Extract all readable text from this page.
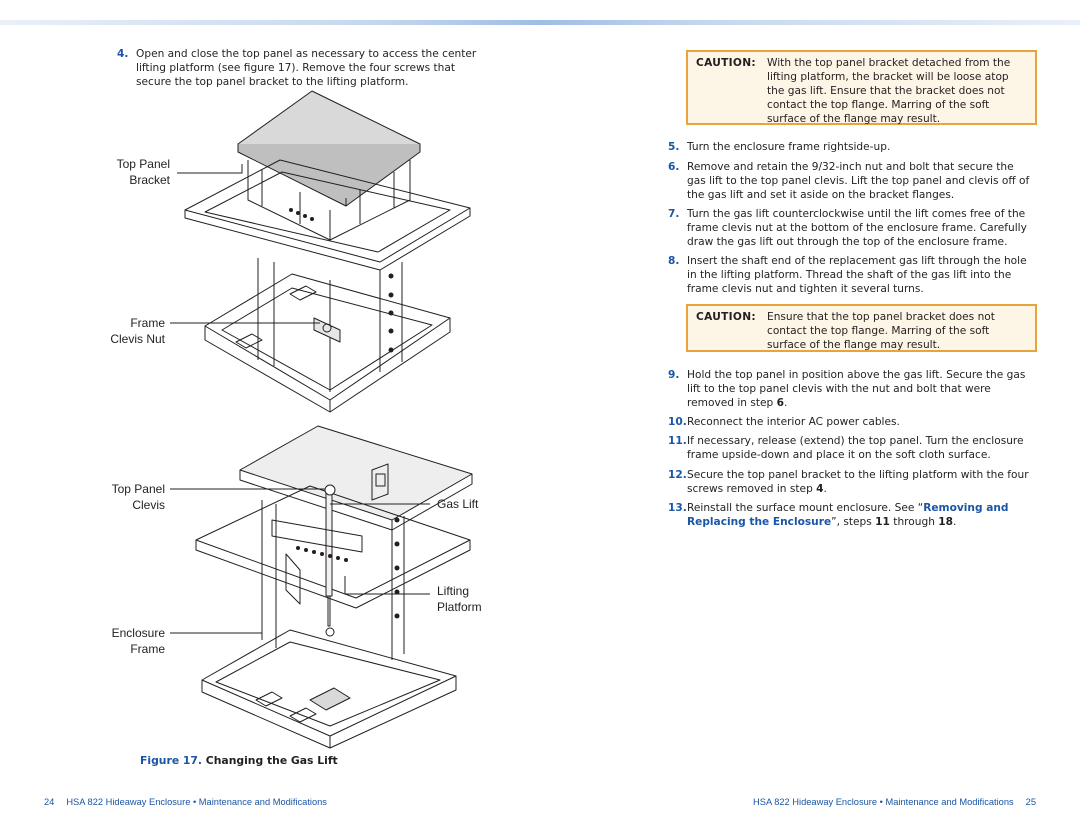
4. Open and close the top panel as necessary to access the center lifting platform (see figure 17). Remove the four screws that secure the top panel bracket to the lifting platform.
Top Panel
Bracket
Frame
Clevis Nut
Top Panel
Clevis	Gas Lift
Lifting
Platform
Enclosure
Frame
Figure 17. Changing the Gas Lift
CAUTION: With the top panel bracket detached from the lifting platform, the bracket will be loose atop the gas lift. Ensure that the bracket does not contact the top flange. Marring of the soft surface of the flange may result.
5. Turn the enclosure frame rightside-up.
6. Remove and retain the 9/32-inch nut and bolt that secure the gas lift to the top panel clevis. Lift the top panel and clevis off of the gas lift and set it aside on the bracket flanges.
7. Turn the gas lift counterclockwise until the lift comes free of the frame clevis nut at the bottom of the enclosure frame. Carefully draw the gas lift out through the top of the enclosure frame.
8. Insert the shaft end of the replacement gas lift through the hole in the lifting platform. Thread the shaft of the gas lift into the frame clevis nut and tighten it several turns.
CAUTION: Ensure that the top panel bracket does not contact the top flange. Marring of the soft surface of the flange may result.
9. Hold the top panel in position above the gas lift. Secure the gas lift to the top panel clevis with the nut and bolt that were removed in step 6.
10. Reconnect the interior AC power cables.
11. If necessary, release (extend) the top panel. Turn the enclosure frame upside-down and place it on the soft cloth surface.
12. Secure the top panel bracket to the lifting platform with the four screws removed in step 4.
13. Reinstall the surface mount enclosure. See “Removing and Replacing the Enclosure”, steps 11 through 18.
24 HSA 822 Hideaway Enclosure • Maintenance and Modifications	HSA 822 Hideaway Enclosure • Maintenance and Modifications 25
